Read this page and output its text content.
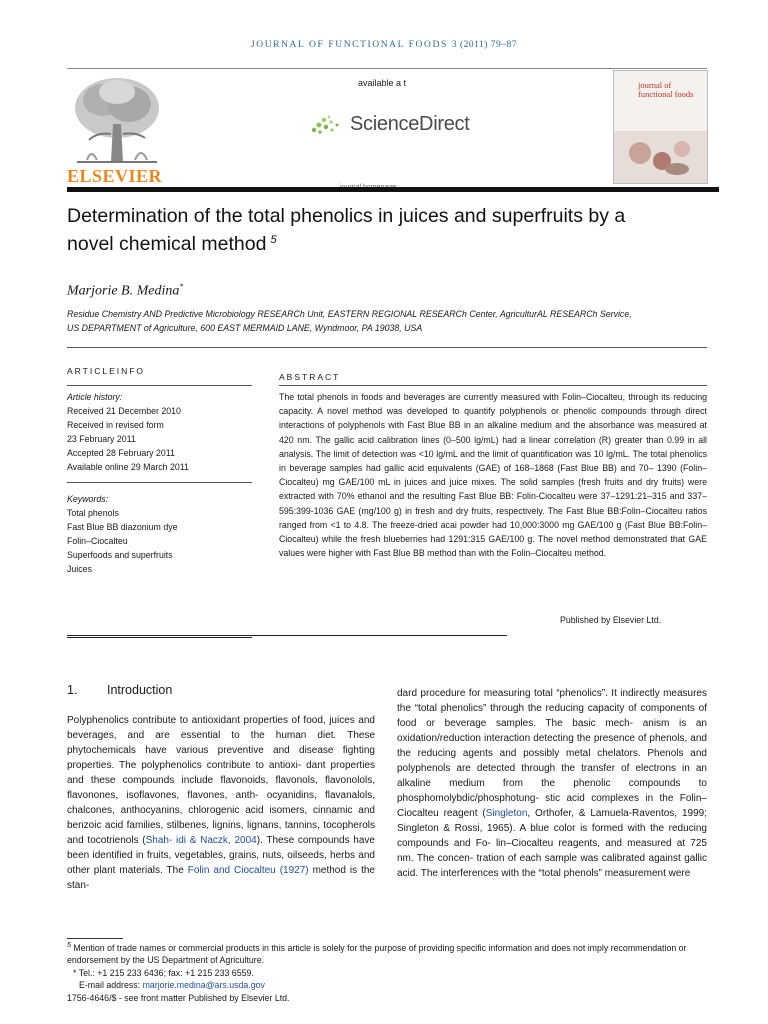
JOURNAL OF FUNCTIONAL FOODS 3 (2011) 79–87
ELSEVIER
available a t
ScienceDirect
journal of functional foods
Determination of the total phenolics in juices and superfruits by a novel chemical method $^5$
Marjorie B. Medina*
Residue Chemistry AND Predictive Microbiology RESEARCh Unit, EASTERN REGIONAL RESEARCh Center, AgriculturAL RESEARCh Service,
US DEPARTMENT of Agriculture, 600 EAST MERMAID LANE, Wyndmoor, PA 19038, USA
ARTICLEINFO
Article history:
Received 21 December 2010
Received in revised form
23 February 2011
Accepted 28 February 2011
Available online 29 March 2011
Keywords:
Total phenols
Fast Blue BB diazonium dye
Folin–Ciocalteu
Superfoods and superfruits
Juices
ABSTRACT
The total phenols in foods and beverages are currently measured with Folin–Ciocalteu, through its reducing capacity. A novel method was developed to quantify polyphenols or phenolic compounds through direct interactions of polyphenols with Fast Blue BB in an alkaline medium and the absorbance was measured at 420 nm. The gallic acid calibration lines (0–500 lg/mL) had a linear correlation (R) greater than 0.99 in all analysis. The limit of detection was <10 lg/mL and the limit of quantification was 10 lg/mL. The total phenolics in beverage samples had gallic acid equivalents (GAE) of 168–1868 (Fast Blue BB) and 70– 1390 (Folin–Ciocalteu) mg GAE/100 mL in juices and juice mixes. The solid samples (fresh fruits and dry fruits) were extracted with 70% ethanol and the resulting Fast Blue BB: Folin-Ciocalteu were 37–1291:21–315 and 337–595:399-1036 GAE (mg/100 g) in fresh and dry fruits, respectively. The Fast Blue BB:Folin–Ciocalteu ratios ranged from <1 to 4.8. The freeze-dried acai powder had 10,000:3000 mg GAE/100 g (Fast Blue BB:Folin–Ciocalteu) while the fresh blueberries had 1291:315 GAE/100 g. The novel method demonstrated that GAE values were higher with Fast Blue BB method than with the Folin–Ciocalteu method.
Published by Elsevier Ltd.
1. Introduction
Polyphenolics contribute to antioxidant properties of food, juices and beverages, and are essential to the human diet. These phytochemicals have various preventive and disease fighting properties. The polyphenolics contribute to antioxi- dant properties and these compounds include flavonoids, flavonols, flavonolols, flavonones, isoflavones, flavones, anth- ocyanidins, flavanalols, chalcones, anthocyanins, chlorogenic acid isomers, cinnamic and benzoic acid families, stilbenes, lignins, lignans, tannins, tocopherols and tocotrienols (Shah- idi & Naczk, 2004). These compounds have been identified in fruits, vegetables, grains, nuts, oilseeds, herbs and other plant materials. The Folin and Ciocalteu (1927) method is the stan-
dard procedure for measuring total “phenolics”. It indirectly measures the “total phenolics” through the reducing capacity of components of food or beverage samples. The basic mech- anism is an oxidation/reduction interaction detecting the presence of phenols, and the reducing agents and possibly metal chelators. Phenols and polyphenols are detected through the transfer of electrons in an alkaline medium from the phenolic compounds to phosphomolybdic/phosphotung- stic acid complexes in the Folin–Ciocalteu reagent (Singleton, Orthofer, & Lamuela-Raventos, 1999; Singleton & Rossi, 1965). A blue color is formed with the reducing compounds and Fo- lin–Ciocalteu reagents, and measured at 725 nm. The concen- tration of each sample was calibrated against gallic acid. The interferences with the “total phenols” measurement were
$^5$ Mention of trade names or commercial products in this article is solely for the purpose of providing specific information and does not imply recommendation or endorsement by the US Department of Agriculture.
* Tel.: +1 215 233 6436; fax: +1 215 233 6559.
E-mail address: marjorie.medina@ars.usda.gov
1756-4646/$ - see front matter Published by Elsevier Ltd.
